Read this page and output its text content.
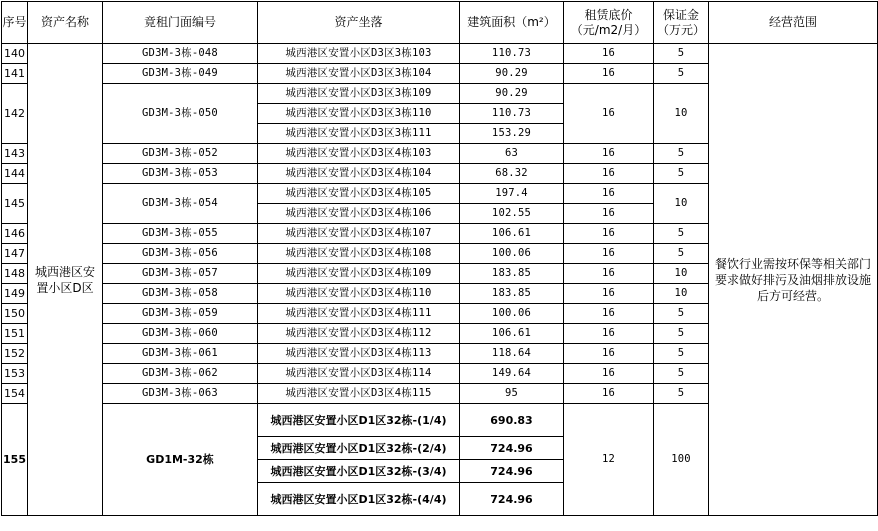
序号	资产名称	竟租门面编号	资产坐落	建筑面积（m²）	租赁底价（元/m2/月）	保证金（万元）	经营范围
140	城西港区安置小区D区	GD3M-3栋-048	城西港区安置小区D3区3栋103	110.73	16	5	餐饮行业需按环保等相关部门要求做好排污及油烟排放设施后方可经营。
141		GD3M-3栋-049	城西港区安置小区D3区3栋104	90.29	16	5	
142		GD3M-3栋-050	城西港区安置小区D3区3栋109	90.29	16	10	
			城西港区安置小区D3区3栋110	110.73			
			城西港区安置小区D3区3栋111	153.29			
143		GD3M-3栋-052	城西港区安置小区D3区4栋103	63	16	5	
144		GD3M-3栋-053	城西港区安置小区D3区4栋104	68.32	16	5	
145		GD3M-3栋-054	城西港区安置小区D3区4栋105	197.4	16	10	
			城西港区安置小区D3区4栋106	102.55	16		
146		GD3M-3栋-055	城西港区安置小区D3区4栋107	106.61	16	5	
147		GD3M-3栋-056	城西港区安置小区D3区4栋108	100.06	16	5	
148		GD3M-3栋-057	城西港区安置小区D3区4栋109	183.85	16	10	
149		GD3M-3栋-058	城西港区安置小区D3区4栋110	183.85	16	10	
150		GD3M-3栋-059	城西港区安置小区D3区4栋111	100.06	16	5	
151		GD3M-3栋-060	城西港区安置小区D3区4栋112	106.61	16	5	
152		GD3M-3栋-061	城西港区安置小区D3区4栋113	118.64	16	5	
153		GD3M-3栋-062	城西港区安置小区D3区4栋114	149.64	16	5	
154		GD3M-3栋-063	城西港区安置小区D3区4栋115	95	16	5	
155		GD1M-32栋	城西港区安置小区D1区32栋-(1/4)	690.83	12	100	
			城西港区安置小区D1区32栋-(2/4)	724.96			
			城西港区安置小区D1区32栋-(3/4)	724.96			
			城西港区安置小区D1区32栋-(4/4)	724.96			
